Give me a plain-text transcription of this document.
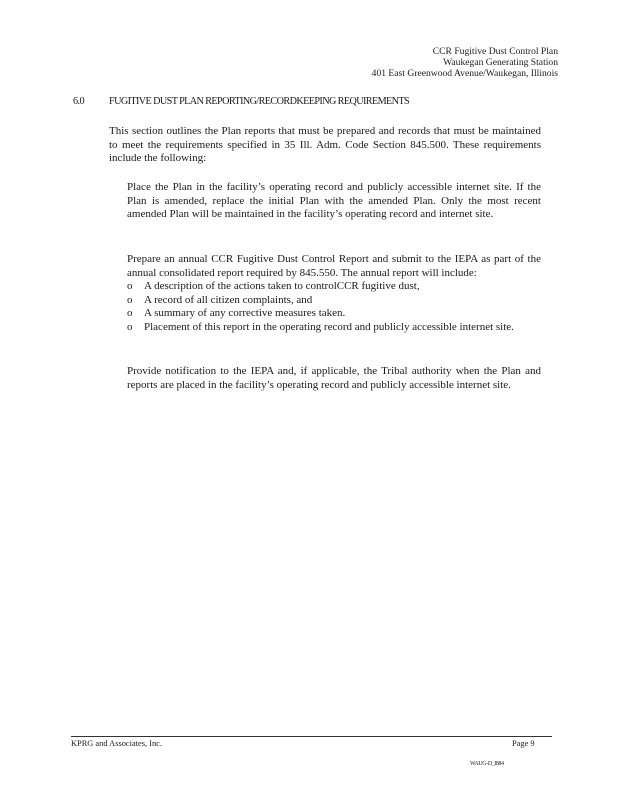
CCR Fugitive Dust Control Plan
Waukegan Generating Station
401 East Greenwood Avenue/Waukegan, Illinois
6.0 FUGITIVE DUST PLAN REPORTING/RECORDKEEPING REQUIREMENTS

This section outlines the Plan reports that must be prepared and records that must be maintained to meet the requirements specified in 35 Ill. Adm. Code Section 845.500. These requirements include the following:

Place the Plan in the facility’s operating record and publicly accessible internet site. If the Plan is amended, replace the initial Plan with the amended Plan. Only the most recent amended Plan will be maintained in the facility’s operating record and internet site.

Prepare an annual CCR Fugitive Dust Control Report and submit to the IEPA as part of the annual consolidated report required by 845.550. The annual report will include:
o A description of the actions taken to controlCCR fugitive dust,
o A record of all citizen complaints, and
o A summary of any corrective measures taken.
o Placement of this report in the operating record and publicly accessible internet site.

Provide notification to the IEPA and, if applicable, the Tribal authority when the Plan and reports are placed in the facility’s operating record and publicly accessible internet site.

KPRG and Associates, Inc.	Page 9
WAUG-D_I884
